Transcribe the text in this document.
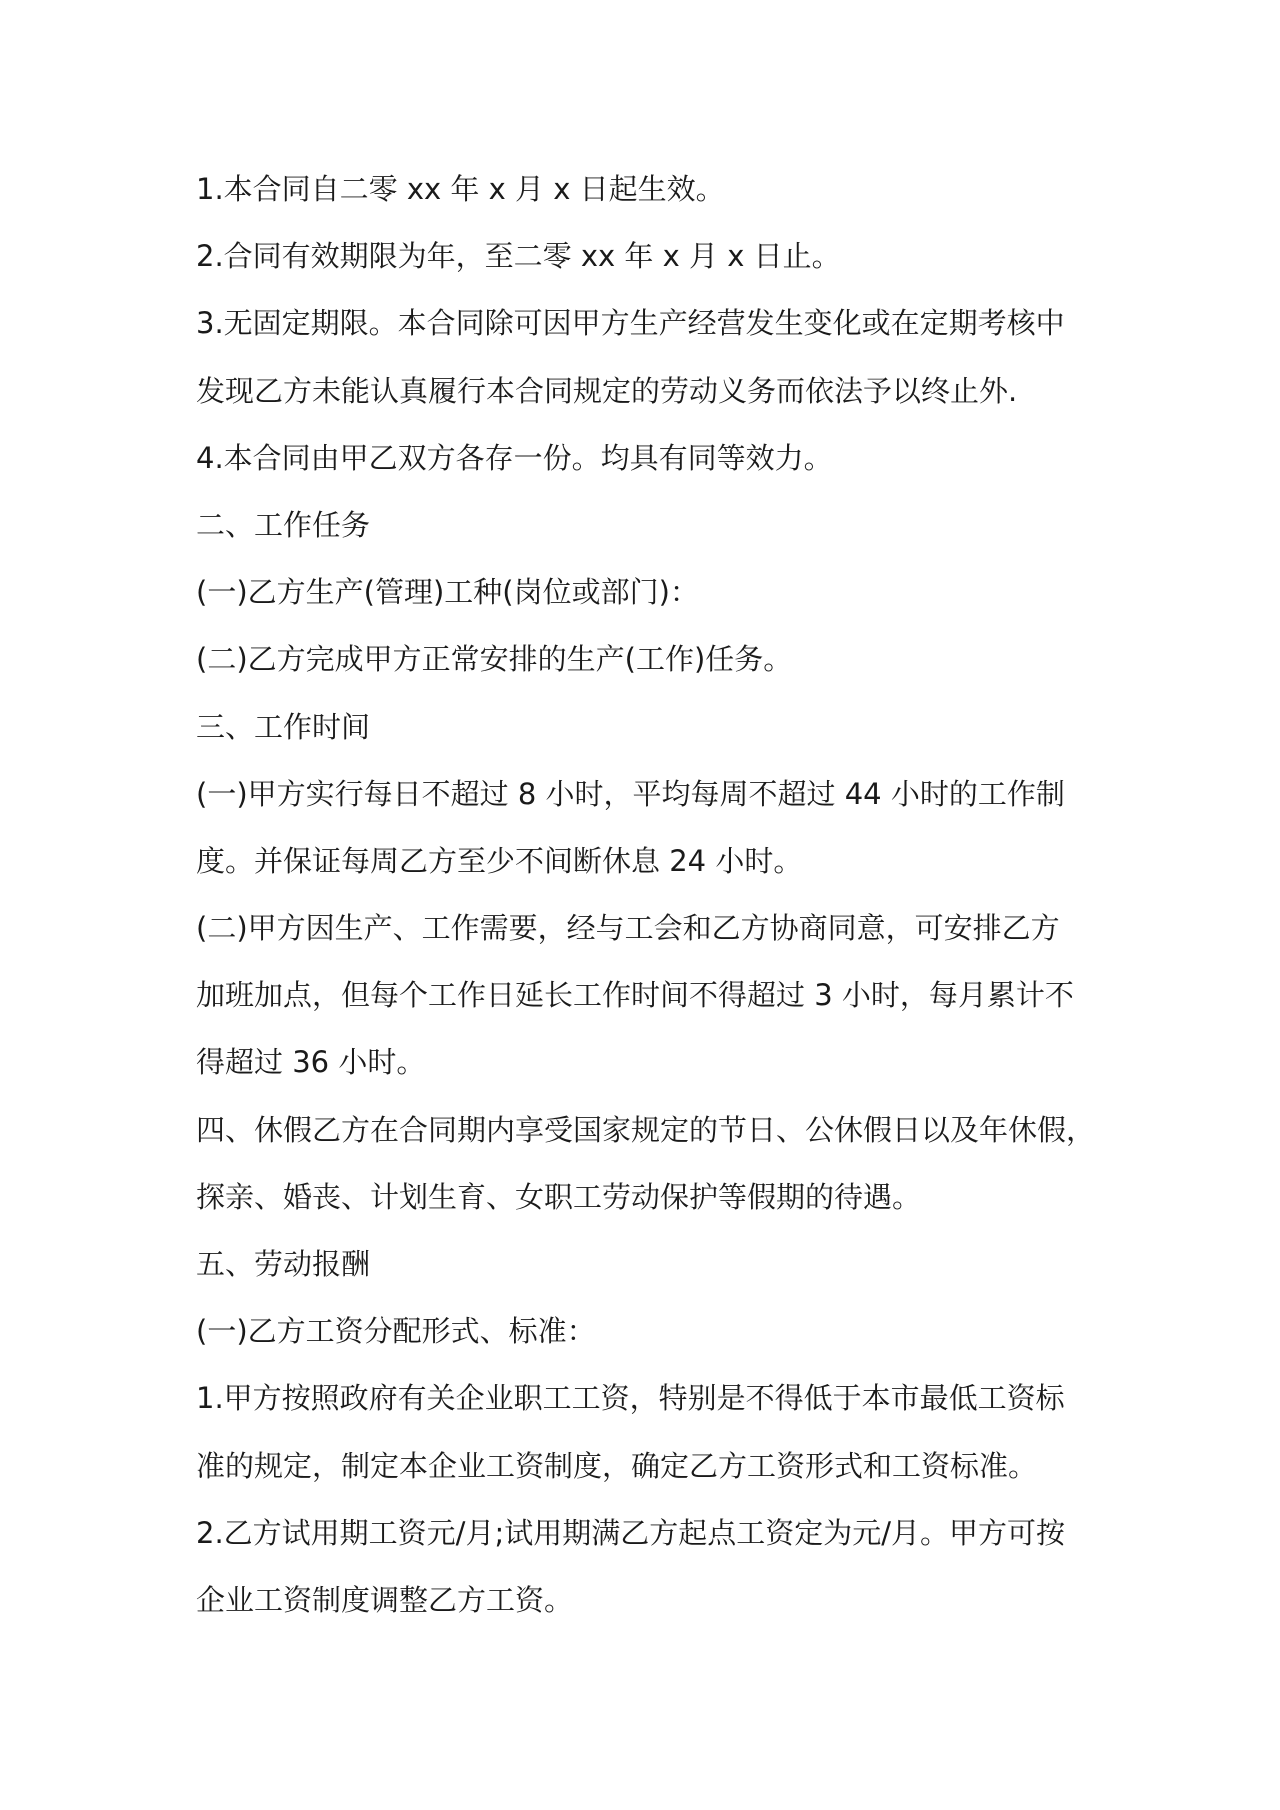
1.本合同自二零 xx 年 x 月 x 日起生效。

2.合同有效期限为年，至二零 xx 年 x 月 x 日止。

3.无固定期限。本合同除可因甲方生产经营发生变化或在定期考核中

发现乙方未能认真履行本合同规定的劳动义务而依法予以终止外.

4.本合同由甲乙双方各存一份。均具有同等效力。

二、工作任务

(一)乙方生产(管理)工种(岗位或部门)：

(二)乙方完成甲方正常安排的生产(工作)任务。

三、工作时间

(一)甲方实行每日不超过 8 小时，平均每周不超过 44 小时的工作制

度。并保证每周乙方至少不间断休息 24 小时。

(二)甲方因生产、工作需要，经与工会和乙方协商同意，可安排乙方

加班加点，但每个工作日延长工作时间不得超过 3 小时，每月累计不

得超过 36 小时。

四、休假乙方在合同期内享受国家规定的节日、公休假日以及年休假，

探亲、婚丧、计划生育、女职工劳动保护等假期的待遇。

五、劳动报酬

(一)乙方工资分配形式、标准：

1.甲方按照政府有关企业职工工资，特别是不得低于本市最低工资标

准的规定，制定本企业工资制度，确定乙方工资形式和工资标准。

2.乙方试用期工资元/月;试用期满乙方起点工资定为元/月。甲方可按

企业工资制度调整乙方工资。
